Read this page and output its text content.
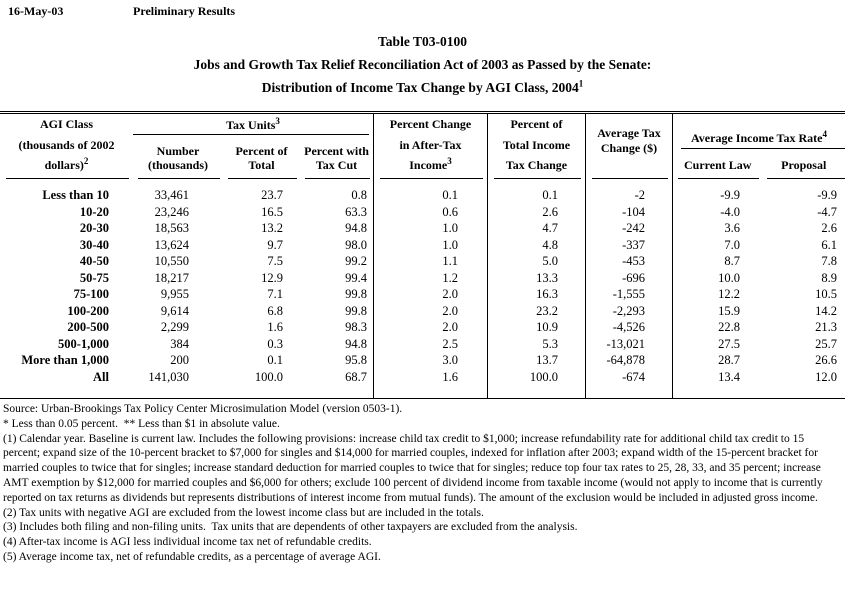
16-May-03	Preliminary Results
Table T03-0100
Jobs and Growth Tax Relief Reconciliation Act of 2003 as Passed by the Senate:
Distribution of Income Tax Change by AGI Class, 2004$^1$
AGI Class
(thousands of 2002
dollars)$^2$
Tax Units$^3$
Number
(thousands)
Percent of
Total
Percent with
Tax Cut
Percent Change
in After-Tax
Income$^3$
Percent of
Total Income
Tax Change
Average Tax
Change ($)
Average Income Tax Rate$^4$
Current Law Proposal
Less than 10	33,461	23.7	0.8	0.1	0.1	-2	-9.9	-9.9
10-20	23,246	16.5	63.3	0.6	2.6	-104	-4.0	-4.7
20-30	18,563	13.2	94.8	1.0	4.7	-242	3.6	2.6
30-40	13,624	9.7	98.0	1.0	4.8	-337	7.0	6.1
40-50	10,550	7.5	99.2	1.1	5.0	-453	8.7	7.8
50-75	18,217	12.9	99.4	1.2	13.3	-696	10.0	8.9
75-100	9,955	7.1	99.8	2.0	16.3	-1,555	12.2	10.5
100-200	9,614	6.8	99.8	2.0	23.2	-2,293	15.9	14.2
200-500	2,299	1.6	98.3	2.0	10.9	-4,526	22.8	21.3
500-1,000	384	0.3	94.8	2.5	5.3	-13,021	27.5	25.7
More than 1,000	200	0.1	95.8	3.0	13.7	-64,878	28.7	26.6
All	141,030	100.0	68.7	1.6	100.0	-674	13.4	12.0

Source: Urban-Brookings Tax Policy Center Microsimulation Model (version 0503-1).

* Less than 0.05 percent.  ** Less than $1 in absolute value.

(1) Calendar year. Baseline is current law. Includes the following provisions: increase child tax credit to $1,000; increase refundability rate for additional child tax credit to 15 percent; expand size of the 10-percent bracket to $7,000 for singles and $14,000 for married couples, indexed for inflation after 2003; expand width of the 15-percent bracket for married couples to twice that for singles; increase standard deduction for married couples to twice that for singles; reduce top four tax rates to 25, 28, 33, and 35 percent; increase AMT exemption by $12,000 for married couples and $6,000 for others; exclude 100 percent of dividend income from taxable income (would not apply to income that is currently reported on tax returns as dividends but represents distributions of interest income from mutual funds). The amount of the exclusion would be included in adjusted gross income.

(2) Tax units with negative AGI are excluded from the lowest income class but are included in the totals.

(3) Includes both filing and non-filing units.  Tax units that are dependents of other taxpayers are excluded from the analysis.

(4) After-tax income is AGI less individual income tax net of refundable credits.

(5) Average income tax, net of refundable credits, as a percentage of average AGI.
